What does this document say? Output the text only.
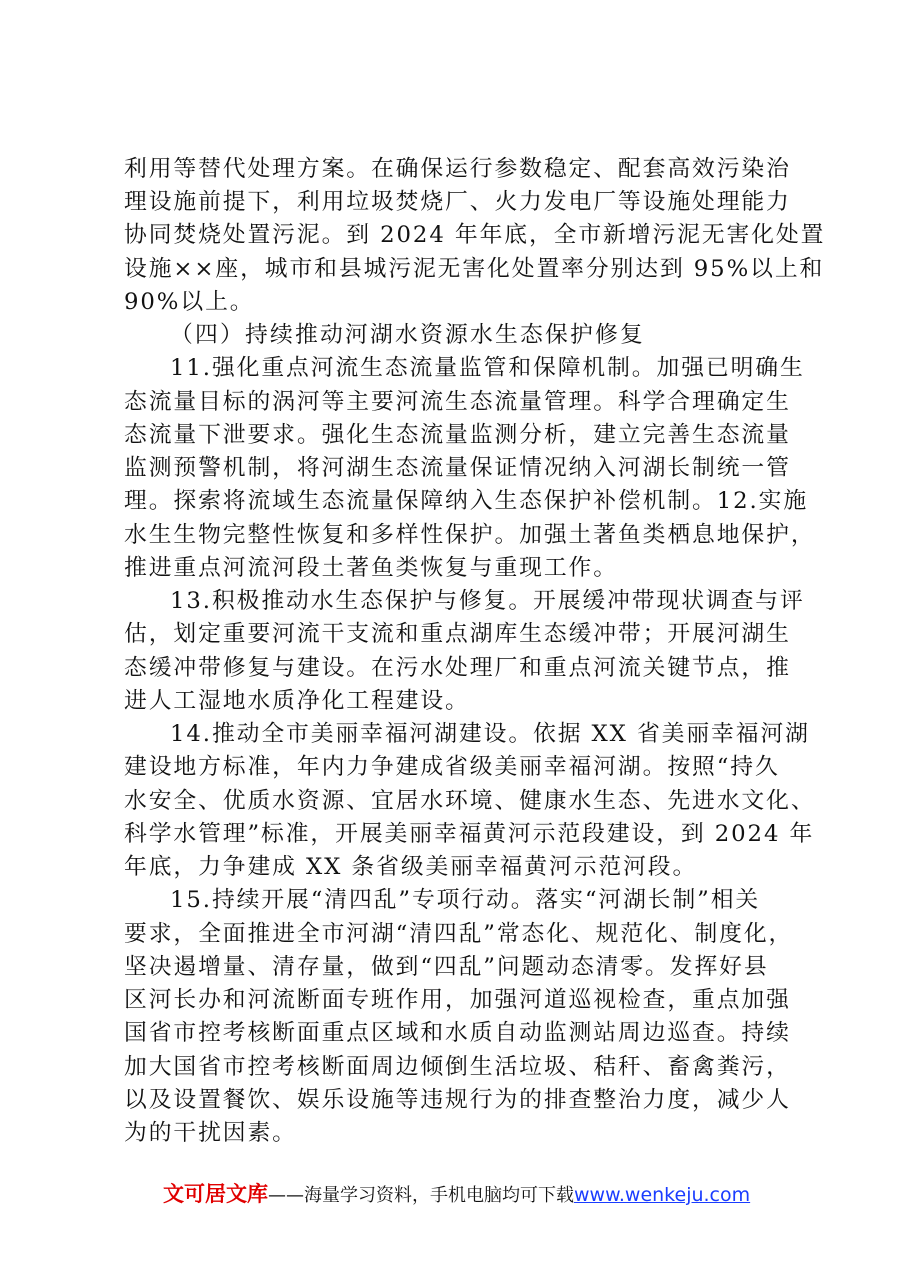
利用等替代处理方案。在确保运行参数稳定、配套高效污染治
理设施前提下，利用垃圾焚烧厂、火力发电厂等设施处理能力
协同焚烧处置污泥。到 2024 年年底，全市新增污泥无害化处置
设施××座，城市和县城污泥无害化处置率分别达到 95%以上和
90%以上。
（四）持续推动河湖水资源水生态保护修复
11.强化重点河流生态流量监管和保障机制。加强已明确生
态流量目标的涡河等主要河流生态流量管理。科学合理确定生
态流量下泄要求。强化生态流量监测分析，建立完善生态流量
监测预警机制，将河湖生态流量保证情况纳入河湖长制统一管
理。探索将流域生态流量保障纳入生态保护补偿机制。12.实施
水生生物完整性恢复和多样性保护。加强土著鱼类栖息地保护，
推进重点河流河段土著鱼类恢复与重现工作。
13.积极推动水生态保护与修复。开展缓冲带现状调查与评
估，划定重要河流干支流和重点湖库生态缓冲带；开展河湖生
态缓冲带修复与建设。在污水处理厂和重点河流关键节点，推
进人工湿地水质净化工程建设。
14.推动全市美丽幸福河湖建设。依据 XX 省美丽幸福河湖
建设地方标准，年内力争建成省级美丽幸福河湖。按照“持久
水安全、优质水资源、宜居水环境、健康水生态、先进水文化、
科学水管理”标准，开展美丽幸福黄河示范段建设，到 2024 年
年底，力争建成 XX 条省级美丽幸福黄河示范河段。
15.持续开展“清四乱”专项行动。落实“河湖长制”相关
要求，全面推进全市河湖“清四乱”常态化、规范化、制度化，
坚决遏增量、清存量，做到“四乱”问题动态清零。发挥好县
区河长办和河流断面专班作用，加强河道巡视检查，重点加强
国省市控考核断面重点区域和水质自动监测站周边巡查。持续
加大国省市控考核断面周边倾倒生活垃圾、秸秆、畜禽粪污，
以及设置餐饮、娱乐设施等违规行为的排查整治力度，减少人
为的干扰因素。
文可居文库——海量学习资料，手机电脑均可下载www.wenkeju.com
